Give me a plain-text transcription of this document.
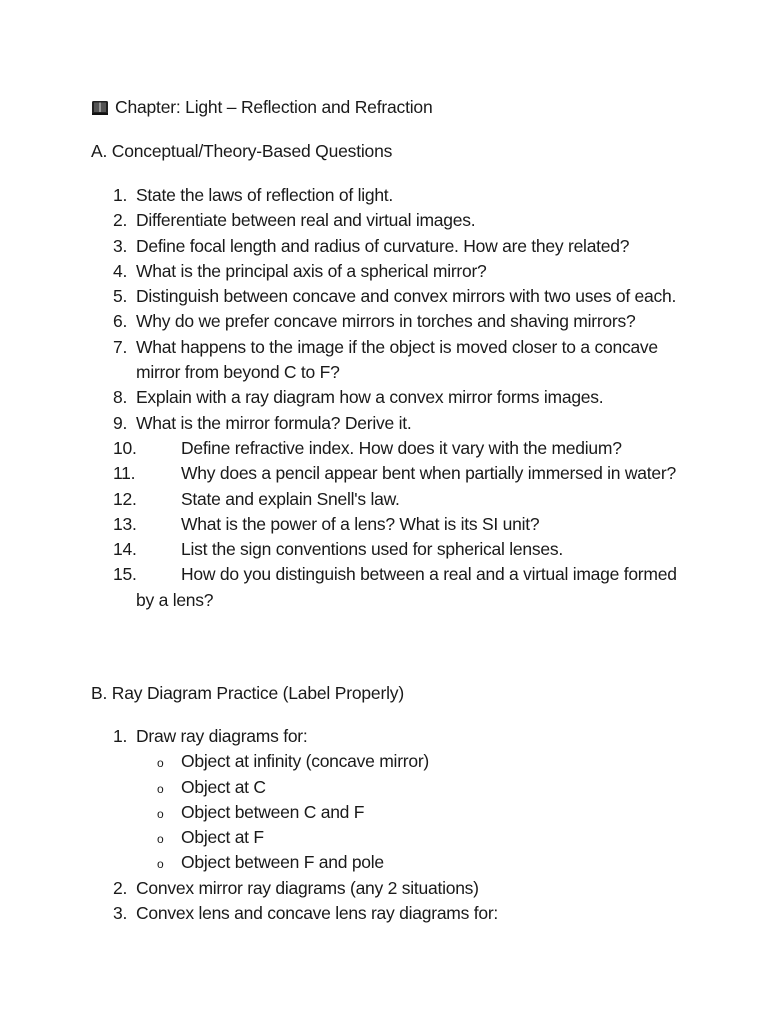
Chapter: Light – Reflection and Refraction
A. Conceptual/Theory-Based Questions
1. State the laws of reflection of light.
2. Differentiate between real and virtual images.
3. Define focal length and radius of curvature. How are they related?
4. What is the principal axis of a spherical mirror?
5. Distinguish between concave and convex mirrors with two uses of each.
6. Why do we prefer concave mirrors in torches and shaving mirrors?
7. What happens to the image if the object is moved closer to a concave mirror from beyond C to F?
8. Explain with a ray diagram how a convex mirror forms images.
9. What is the mirror formula? Derive it.
10.	Define refractive index. How does it vary with the medium?
11.	Why does a pencil appear bent when partially immersed in water?
12.	State and explain Snell's law.
13.	What is the power of a lens? What is its SI unit?
14.	List the sign conventions used for spherical lenses.
15.	How do you distinguish between a real and a virtual image formed by a lens?
B. Ray Diagram Practice (Label Properly)
1. Draw ray diagrams for:
o Object at infinity (concave mirror)
o Object at C
o Object between C and F
o Object at F
o Object between F and pole
2. Convex mirror ray diagrams (any 2 situations)
3. Convex lens and concave lens ray diagrams for:
